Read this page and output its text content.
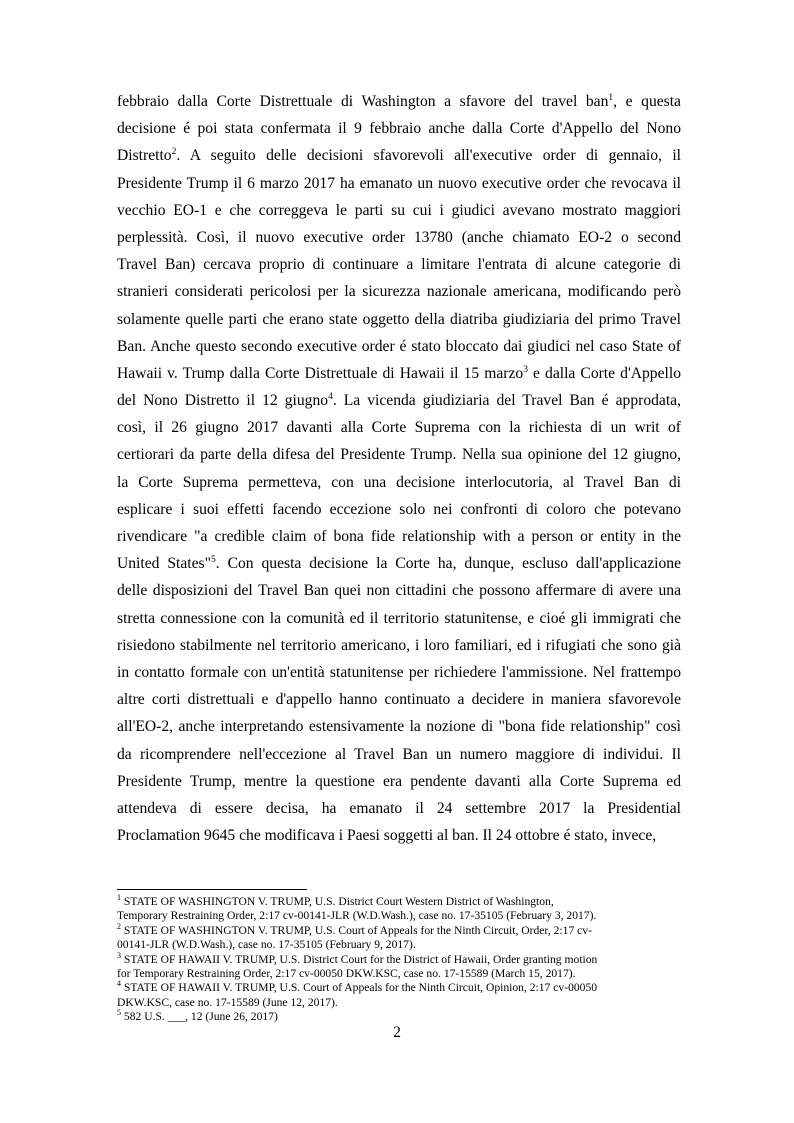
febbraio dalla Corte Distrettuale di Washington a sfavore del travel ban$^1$, e questa
decisione é poi stata confermata il 9 febbraio anche dalla Corte d'Appello del Nono
Distretto$^2$. A seguito delle decisioni sfavorevoli all'executive order di gennaio, il
Presidente Trump il 6 marzo 2017 ha emanato un nuovo executive order che revocava il
vecchio EO-1 e che correggeva le parti su cui i giudici avevano mostrato maggiori
perplessità. Così, il nuovo executive order 13780 (anche chiamato EO-2 o second
Travel Ban) cercava proprio di continuare a limitare l'entrata di alcune categorie di
stranieri considerati pericolosi per la sicurezza nazionale americana, modificando però
solamente quelle parti che erano state oggetto della diatriba giudiziaria del primo Travel
Ban. Anche questo secondo executive order é stato bloccato dai giudici nel caso State of
Hawaii v. Trump dalla Corte Distrettuale di Hawaii il 15 marzo$^3$ e dalla Corte d'Appello
del Nono Distretto il 12 giugno$^4$. La vicenda giudiziaria del Travel Ban é approdata,
così, il 26 giugno 2017 davanti alla Corte Suprema con la richiesta di un writ of
certiorari da parte della difesa del Presidente Trump. Nella sua opinione del 12 giugno,
la Corte Suprema permetteva, con una decisione interlocutoria, al Travel Ban di
esplicare i suoi effetti facendo eccezione solo nei confronti di coloro che potevano
rivendicare "a credible claim of bona fide relationship with a person or entity in the
United States"$^5$. Con questa decisione la Corte ha, dunque, escluso dall'applicazione
delle disposizioni del Travel Ban quei non cittadini che possono affermare di avere una
stretta connessione con la comunità ed il territorio statunitense, e cioé gli immigrati che
risiedono stabilmente nel territorio americano, i loro familiari, ed i rifugiati che sono già
in contatto formale con un'entità statunitense per richiedere l'ammissione. Nel frattempo
altre corti distrettuali e d'appello hanno continuato a decidere in maniera sfavorevole
all'EO-2, anche interpretando estensivamente la nozione di "bona fide relationship" così
da ricomprendere nell'eccezione al Travel Ban un numero maggiore di individui. Il
Presidente Trump, mentre la questione era pendente davanti alla Corte Suprema ed
attendeva di essere decisa, ha emanato il 24 settembre 2017 la Presidential
Proclamation 9645 che modificava i Paesi soggetti al ban. Il 24 ottobre é stato, invece,
$^1$ STATE OF WASHINGTON V. TRUMP, U.S. District Court Western District of Washington,
Temporary Restraining Order, 2:17 cv-00141-JLR (W.D.Wash.), case no. 17-35105 (February 3, 2017).
$^2$ STATE OF WASHINGTON V. TRUMP, U.S. Court of Appeals for the Ninth Circuit, Order, 2:17 cv-
00141-JLR (W.D.Wash.), case no. 17-35105 (February 9, 2017).
$^3$ STATE OF HAWAII V. TRUMP, U.S. District Court for the District of Hawaii, Order granting motion
for Temporary Restraining Order, 2:17 cv-00050 DKW.KSC, case no. 17-15589 (March 15, 2017).
$^4$ STATE OF HAWAII V. TRUMP, U.S. Court of Appeals for the Ninth Circuit, Opinion, 2:17 cv-00050
DKW.KSC, case no. 17-15589 (June 12, 2017).
$^5$ 582 U.S. ___, 12 (June 26, 2017)
2
